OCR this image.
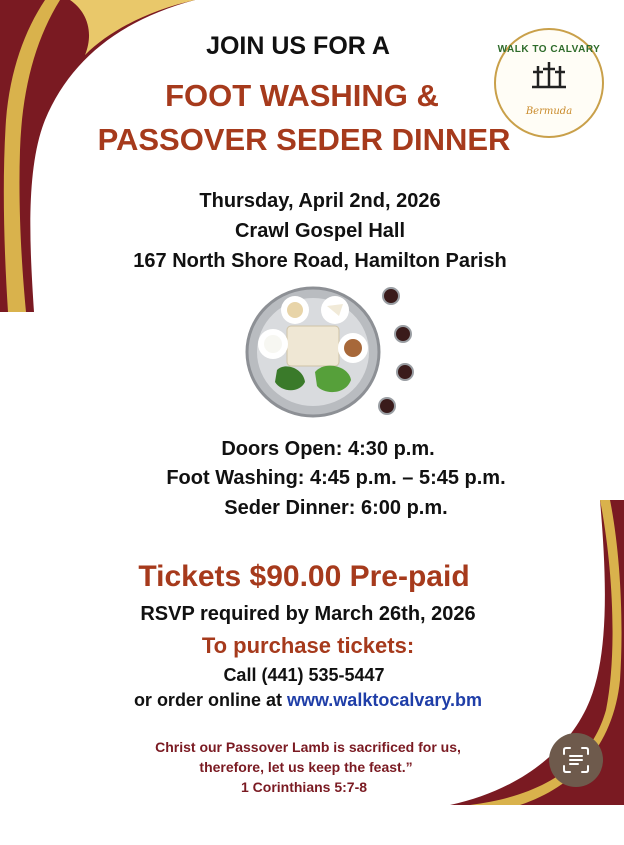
WALK TO CALVARY
Bermuda
JOIN US FOR A
FOOT WASHING &
PASSOVER SEDER DINNER
Thursday, April 2nd, 2026
Crawl Gospel Hall
167 North Shore Road, Hamilton Parish
Doors Open: 4:30 p.m.
Foot Washing: 4:45 p.m. – 5:45 p.m.
Seder Dinner: 6:00 p.m.
Tickets $90.00 Pre-paid
RSVP required by March 26th, 2026
To purchase tickets:
Call (441) 535-5447
or order online at www.walktocalvary.bm
Christ our Passover Lamb is sacrificed for us,
therefore, let us keep the feast.”
1 Corinthians 5:7-8
